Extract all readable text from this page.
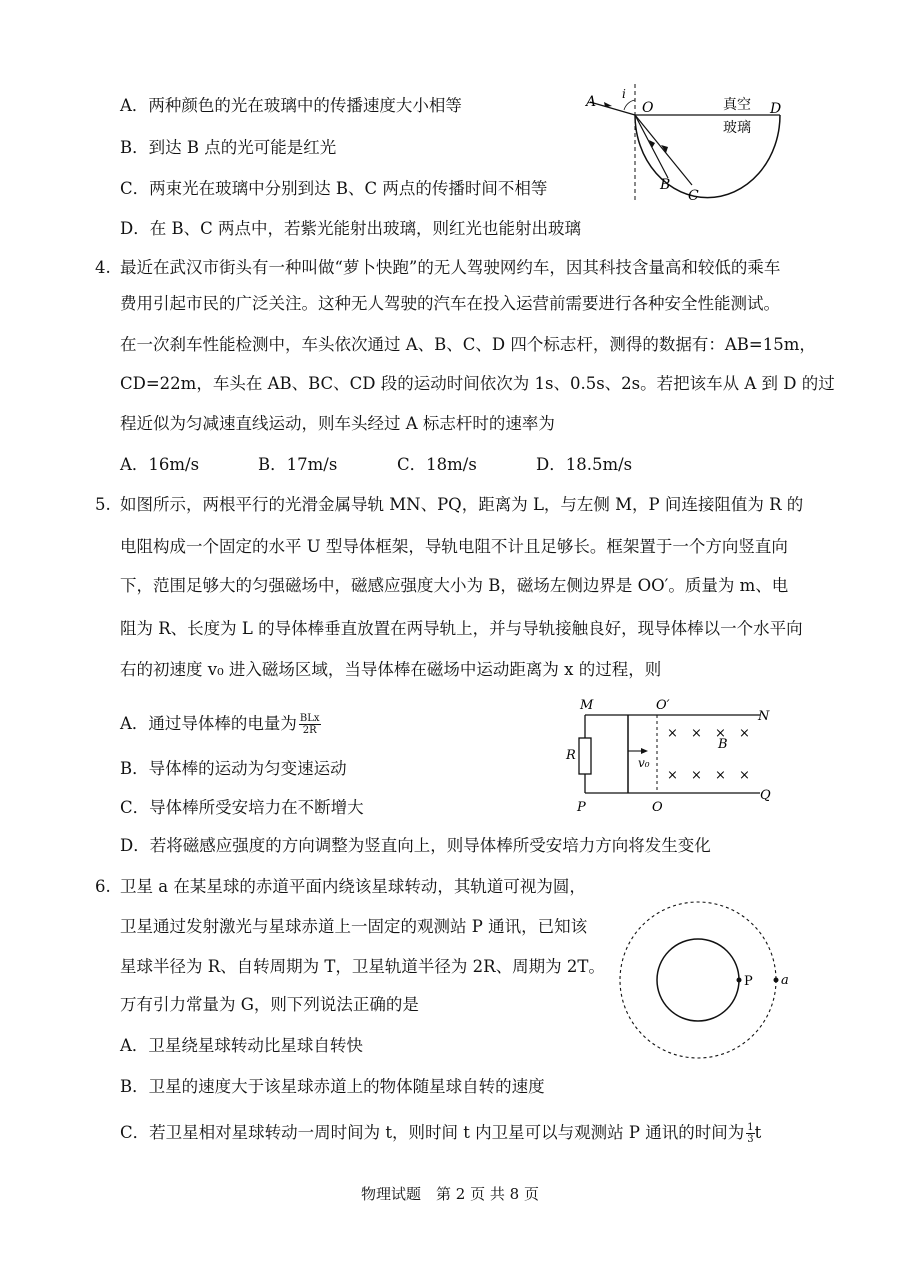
A．两种颜色的光在玻璃中的传播速度大小相等
B．到达 B 点的光可能是红光
C．两束光在玻璃中分别到达 B、C 两点的传播时间不相等
D．在 B、C 两点中，若紫光能射出玻璃，则红光也能射出玻璃
A i
O	真空 D
玻璃
B
C
4. 最近在武汉市街头有一种叫做“萝卜快跑”的无人驾驶网约车，因其科技含量高和较低的乘车
费用引起市民的广泛关注。这种无人驾驶的汽车在投入运营前需要进行各种安全性能测试。
在一次刹车性能检测中，车头依次通过 A、B、C、D 四个标志杆，测得的数据有：AB=15m，
CD=22m，车头在 AB、BC、CD 段的运动时间依次为 1s、0.5s、2s。若把该车从 A 到 D 的过
程近似为匀减速直线运动，则车头经过 A 标志杆时的速率为
A．16m/s	B．17m/s	C．18m/s	D．18.5m/s
5. 如图所示，两根平行的光滑金属导轨 MN、PQ，距离为 L，与左侧 M，P 间连接阻值为 R 的
电阻构成一个固定的水平 U 型导体框架，导轨电阻不计且足够长。框架置于一个方向竖直向
下，范围足够大的匀强磁场中，磁感应强度大小为 B，磁场左侧边界是 OO′。质量为 m、电
阻为 R、长度为 L 的导体棒垂直放置在两导轨上，并与导轨接触良好，现导体棒以一个水平向
右的初速度 v₀ 进入磁场区域，当导体棒在磁场中运动距离为 x 的过程，则
A．通过导体棒的电量为 $\frac{\text{BLx}}{2R}$
B．导体棒的运动为匀变速运动
C．导体棒所受安培力在不断增大
D．若将磁感应强度的方向调整为竖直向上，则导体棒所受安培力方向将发生变化
M	O′
N
R	v₀
B
P	O
Q
× × × ×
× × × ×
6. 卫星 a 在某星球的赤道平面内绕该星球转动，其轨道可视为圆，
卫星通过发射激光与星球赤道上一固定的观测站 P 通讯，已知该
星球半径为 R、自转周期为 T，卫星轨道半径为 2R、周期为 2T。
万有引力常量为 G，则下列说法正确的是
A．卫星绕星球转动比星球自转快
B．卫星的速度大于该星球赤道上的物体随星球自转的速度
C．若卫星相对星球转动一周时间为 t，则时间 t 内卫星可以与观测站 P 通讯的时间为 $\frac{1}{3}$ t
P a
物理试题　第 2 页 共 8 页
